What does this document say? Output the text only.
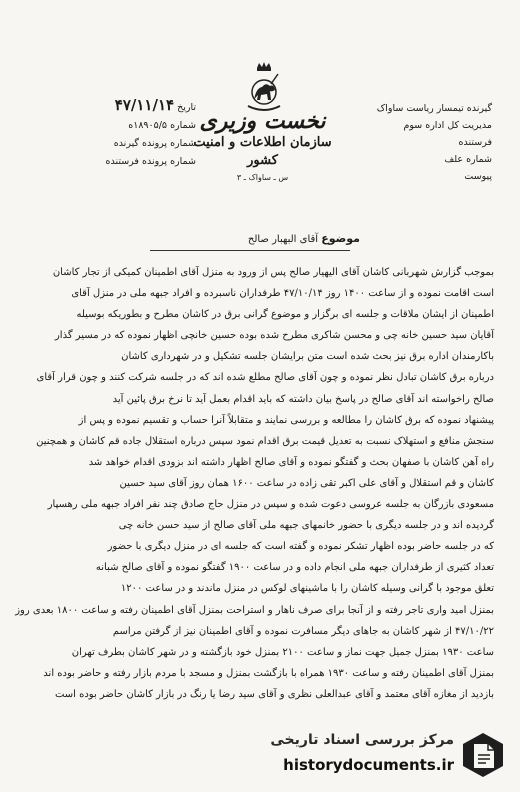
گیرنده تیمسار ریاست ساواک
مدیریت کل اداره سوم
فرستنده
شماره علف
پیوست
تاریخ ۴۷/۱۱/۱۴
شماره ۱۸۹۰۵/۵ه
شماره پرونده گیرنده
شماره پرونده فرستنده
نخست وزیری
سازمان اطلاعات و امنیت کشور
س ـ ساواک ـ ۳
موضوع آقای البهبار صالح

بموجب گزارش شهربانی کاشان آقای الیهیار صالح پس از ورود به منزل آقای اطمینان کمیکی از تجار کاشان

است اقامت نموده و از ساعت ۱۴۰۰ روز ۴۷/۱۰/۱۴ طرفداران ناسبرده و افراد جبهه ملی در منزل آقای

اطمینان از ایشان ملاقات و جلسه ای برگزار و موضوع گرانی برق در کاشان مطرح و بطوریکه بوسیله

آقایان سید حسین خانه چی و محسن شاکری مطرح شده بوده حسین خانچی اظهار نموده که در مسیر گذار

باکارمندان اداره برق نیز بحث شده است متن برایشان جلسه تشکیل و در شهرداری کاشان

درباره برق کاشان تبادل نظر نموده و چون آقای صالح مطلع شده اند که در جلسه شرکت کنند و چون قرار آقای

صالح راخواسته اند آقای صالح در پاسخ بیان داشته که باید اقدام بعمل آید تا نرخ برق پائین آید

پیشنهاد نموده که برق کاشان را مطالعه و بررسی نمایند و متقابلاً آنرا حساب و تقسیم نموده و پس از

سنجش منافع و استهلاک نسبت به تعدیل قیمت برق اقدام نمود سپس درباره استقلال جاده قم کاشان و همچنین

راه آهن کاشان با صفهان بحث و گفتگو نموده و آقای صالح اظهار داشته اند بزودی اقدام خواهد شد

کاشان و قم استقلال و آقای علی اکبر تقی زاده در ساعت ۱۶۰۰ همان روز آقای سید حسین

مسعودی بازرگان به جلسه عروسی دعوت شده و سپس در منزل حاج صادق چند نفر افراد جبهه ملی رهسپار

گردیده اند و در جلسه دیگری با حضور خانمهای جبهه ملی آقای صالح از سید حسن خانه چی

که در جلسه حاضر بوده اظهار تشکر نموده و گفته است که جلسه ای در منزل دیگری با حضور

تعداد کثیری از طرفداران جبهه ملی انجام داده و در ساعت ۱۹۰۰ گفتگو نموده و آقای صالح شبانه

تعلق موجود با گرانی وسیله کاشان را با ماشینهای لوکس در منزل ماندند و در ساعت ۱۲۰۰

بمنزل امید واری تاجر رفته و از آنجا برای صرف ناهار و استراحت بمنزل آقای اطمینان رفته و ساعت ۱۸۰۰ بعدی روز

۴۷/۱۰/۲۲ از شهر کاشان به جاهای دیگر مسافرت نموده و آقای اطمینان نیز از گرفتن مراسم

ساعت ۱۹۳۰ بمنزل جمیل جهت نماز و ساعت ۲۱۰۰ بمنزل خود بازگشته و در شهر کاشان بطرف تهران

بمنزل آقای اطمینان رفته و ساعت ۱۹۳۰ همراه با بازگشت بمنزل و مسجد با مردم بازار رفته و حاضر بوده اند

بازدید از مغازه آقای معتمد و آقای عبدالعلی نظری و آقای سید رضا یا رنگ در بازار کاشان حاضر بوده است

مرکز بررسی اسناد تاریخی
historydocuments.ir
